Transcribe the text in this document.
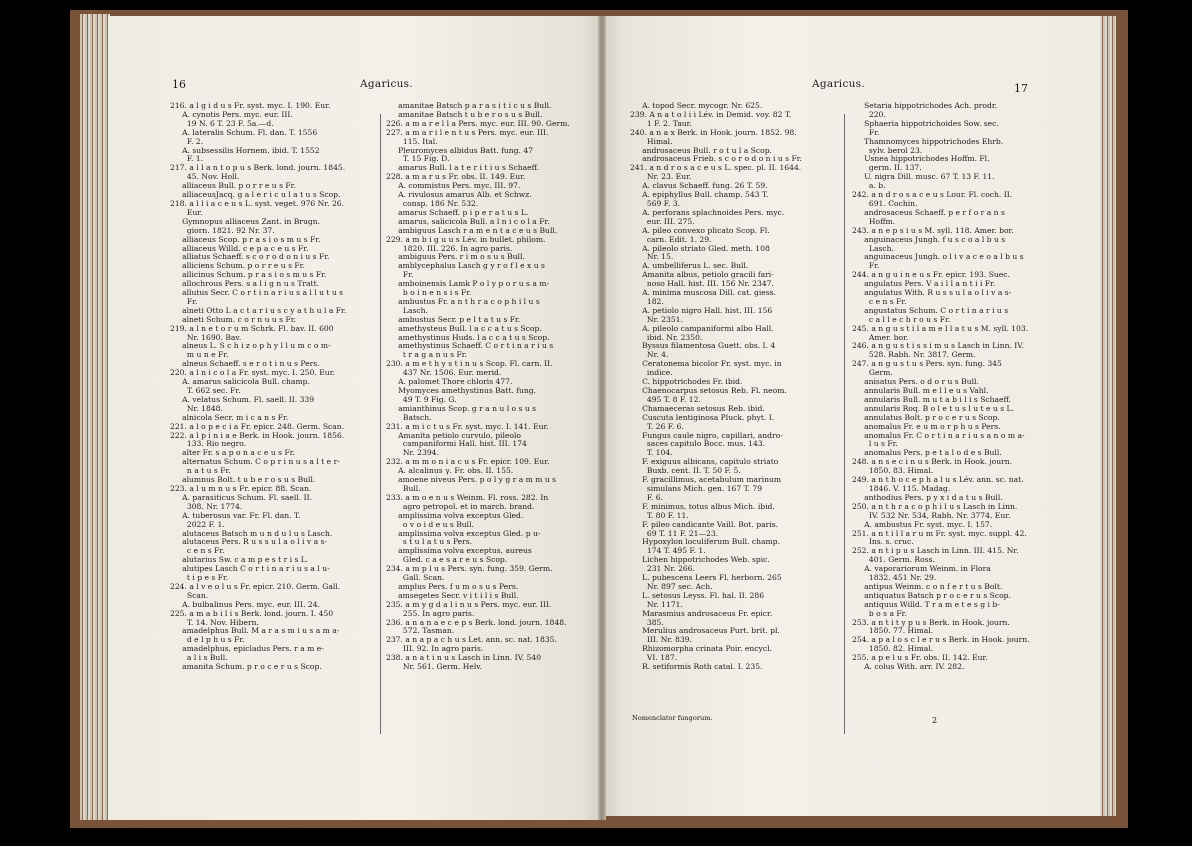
16	Agaricus.
216. a l g i d u s Fr. syst. myc. I. 190. Eur.
A. cynotis Pers. myc. eur. III.
19 N. 6 T. 23 F. 5a.—d.
A. lateralis Schum. Fl. dan. T. 1556
F. 2.
A. subsessilis Hornem. ibid. T. 1552
F. 1.
217. a l l a n t o p u s Berk. lond. journ. 1845.
45. Nov. Holl.
alliaceus Bull. p o r r e u s Fr.
alliaceusJacq. g a l e r i c u l a t u s Scop.
218. a l l i a c e u s L. syst. veget. 976 Nr. 26.
Eur.
Gymnopus alliaceus Zant. in Brugn.
giorn. 1821. 92 Nr. 37.
alliaceus Scop. p r a s i o s m u s Fr.
alliaceus Willd. c e p a c e u s Fr.
alliatus Schaeff. s c o r o d o n i u s Fr.
alliciens Schum. p o r r e u s Fr.
allicinus Schum. p r a s i o s m u s Fr.
allochrous Pers. s a l i g n u s Tratt.
allutus Secr. C o r t i n a r i u s a l l u t u s
Fr.
alneti Otto L a c t a r i u s c y a t h u l a Fr.
alneti Schum. c o r n u u s Fr.
219. a l n e t o r u m Schrk. Fl. bav. II. 600
Nr. 1690. Bav.
alneus L. S c h i z o p h y l l u m c o m-
m u n e Fr.
alneus Schaeff. s e r o t i n u s Pers.
220. a l n i c o l a Fr. syst. myc. I. 250. Eur.
A. amarus salicicola Bull. champ.
T. 662 sec. Fr.
A. velatus Schum. Fl. saell. II. 339
Nr. 1848.
alnicola Secr. m i c a n s Fr.
221. a l o p e c i a Fr. epicr. 248. Germ. Scan.
222. a l p i n i a e Berk. in Hook. journ. 1856.
133. Rio negro.
alter Fr. s a p o n a c e u s Fr.
alternatus Schum. C o p r i n u s a l t e r-
n a t u s Fr.
alumnus Bolt. t u b e r o s u s Bull.
223. a l u m n u s Fr. epicr. 88. Scan.
A. parasiticus Schum. Fl. saell. II.
308. Nr. 1774.
A. tuberosus var. Fr. Fl. dan. T.
2022 F. 1.
alutaceus Batsch m u n d u l u s Lasch.
alutaceus Pers. R u s s u l a o l i v a s-
c e n s Fr.
alutarius Sw. c a m p e s t r i s L.
alutipes Lasch C o r t i n a r i u s a l u-
t i p e s Fr.
224. a l v e o l u s Fr. epicr. 210. Germ. Gall.
Scan.
A. bulbalinus Pers. myc. eur. III. 24.
225. a m a b i l i s Berk. lond. journ. I. 450
T. 14. Nov. Hibern.
amadelphus Bull. M a r a s m i u s a m a-
d e l p h u s Fr.
amadelphus, epicladus Pers. r a m e-
a l i s Bull.
amanita Schum. p r o c e r u s Scop.
amanitae Batsch p a r a s i t i c u s Bull.
amanitae Batsch t u b e r o s u s Bull.
226. a m a r e l l a Pers. myc. eur. III. 90. Germ.
227. a m a r i l e n t u s Pers. myc. eur. III.
115. Ital.
Pleuromyces albidus Batt. fung. 47
T. 15 Fig. D.
amarus Bull. l a t e r i t i u s Schaeff.
228. a m a r u s Fr. obs. II. 149. Eur.
A. commistus Pers. myc. III. 97.
A. rivulosus amarus Alb. et Schwz.
consp. 186 Nr. 532.
amarus Schaeff. p i p e r a t u s L.
amarus, salicicola Bull. a l n i c o l a Fr.
ambiguus Lasch r a m e n t a c e u s Bull.
229. a m b i g u u s Lév. in bullet. philom.
1820. III. 226. In agro paris.
ambiguus Pers. r i m o s u s Bull.
amblycephalus Lasch g y r o f l e x u s
Fr.
amboinensis Lamk P o l y p o r u s a m-
b o i n e n s i s Fr.
ambustus Fr. a n t h r a c o p h i l u s
Lasch.
ambustus Secr. p e l t a t u s Fr.
amethysteus Bull. l a c c a t u s Scop.
amethystinus Huds. l a c c a t u s Scop.
amethystinus Schaeff. C o r t i n a r i u s
t r a g a n u s Fr.
230. a m e t h y s t i n u s Scop. Fl. carn. II.
437 Nr. 1506. Eur. merid.
A. palomet Thore chloris 477.
Myomyces amethystinus Batt. fung.
49 T. 9 Fig. G.
amianthinus Scop. g r a n u l o s u s
Batsch.
231. a m i c t u s Fr. syst. myc. I. 141. Eur.
Amanita petiolo curvulo, pileolo
campaniformi Hall. hist. III. 174
Nr. 2394.
232. a m m o n i a c u s Fr. epicr. 109. Eur.
A. alcalinus γ. Fr. obs. II. 155.
amoene niveus Pers. p o l y g r a m m u s
Bull.
233. a m o e n u s Weinm. Fl. ross. 282. In
agro petropol. et in march. brand.
amplissima volva exceptus Gled.
o v o i d e u s Bull.
amplissima volva exceptus Gled. p u-
s t u l a t u s Pers.
amplissima volva exceptus, aureus
Gled. c a e s a r e u s Scop.
234. a m p l u s Pers. syn. fung. 359. Germ.
Gall. Scan.
amplus Pers. f u m o s u s Pers.
amsegetes Secr. v i t i l i s Bull.
235. a m y g d a l i n u s Pers. myc. eur. III.
255. In agro paris.
236. a n a n a e c e p s Berk. lond. journ. 1848.
572. Tasman.
237. a n a p a c h u s Let. ann. sc. nat. 1835.
III. 92. In agro paris.
238. a n a t i n u s Lasch in Linn. IV. 540
Nr. 561. Germ. Helv.
Agaricus.	17
A. topod Secr. mycogr. Nr. 625.
239. A n a t o l i i Lév. in Demid. voy. 82 T.
1 F. 2. Taur.
240. a n a x Berk. in Hook. journ. 1852. 98.
Himal.
androsaceus Bull. r o t u l a Scop.
androsaceus Frieb. s c o r o d o n i u s Fr.
241. a n d r o s a c e u s L. spec. pl. II. 1644.
Nr. 23. Eur.
A. clavus Schaeff. fung. 26 T. 59.
A. epiphyllus Bull. champ. 543 T.
569 F. 3.
A. perforans splachnoides Pers. myc.
eur. III. 275.
A. pileo convexo plicato Scop. Fl.
carn. Edit. 1. 29.
A. pileolo striato Gled. meth. 108
Nr. 15.
A. umbelliferus L. sec. Bull.
Amanita albus, petiolo gracili fari-
noso Hall. hist. III. 156 Nr. 2347.
A. minima muscosa Dill. cat. giess.
182.
A. petiolo nigro Hall. hist. III. 156
Nr. 2351.
A. pileolo campaniformi albo Hall.
ibid. Nr. 2350.
Byssus filamentosa Guett. obs. I. 4
Nr. 4.
Ceratonema bicolor Fr. syst. myc. in
indice.
C. hippotrichodes Fr. ibid.
Chaenocarpus setosus Reb. Fl. neom.
495 T. 8 F. 12.
Chamaeceras setosus Reb. ibid.
Cuscuta lentiginosa Pluck. phyt. I.
T. 26 F. 6.
Fungus caule nigro, capillari, andro-
saces capitulo Bocc. mus. 143.
T. 104.
F. exiguus albicans, capitulo striato
Buxb. cent. II. T. 50 F. 5.
F. gracillimus, acetabulum marinum
simulans Mich. gen. 167 T. 79
F. 6.
F. minimus, totus albus Mich. ibid.
T. 80 F. 11.
F. pileo candicante Vaill. Bot. paris.
69 T. 11 F. 21—23.
Hypoxylon loculiferum Bull. champ.
174 T. 495 F. 1.
Lichen hippotrichodes Web. spic.
231 Nr. 266.
L. pubescens Leers Fl. herborn. 265
Nr. 897 sec. Ach.
L. setosus Leyss. Fl. hal. II. 286
Nr. 1171.
Marasmius androsaceus Fr. epicr.
385.
Merulius androsaceus Purt. brit. pl.
III. Nr. 839.
Rhizomorpha crinata Poir. encycl.
VI. 187.
R. setiformis Roth catal. I. 235.
Setaria hippotrichodes Ach. prodr.
220.
Sphaeria hippotrichoides Sow. sec.
Fr.
Thamnomyces hippotrichodes Ehrb.
sylv. berol 23.
Usnea hippotrichodes Hoffm. Fl.
germ. II. 137.
U. nigra Dill. musc. 67 T. 13 F. 11.
a. b.
242. a n d r o s a c e u s Lour. Fl. coch. II.
691. Cochin.
androsaceus Schaeff. p e r f o r a n s
Hoffm.
243. a n e p s i u s M. syll. 118. Amer. bor.
anguinaceus Jungh. f u s c o a l b u s
Lasch.
anguinaceus Jungh. o l i v a c e o a l b u s
Fr.
244. a n g u i n e u s Fr. epicr. 193. Suec.
angulatus Pers. V a i l l a n t i i Fr.
angulatus With. R u s s u l a o l i v a s-
c e n s Fr.
angustatus Schum. C o r t i n a r i u s
c a l l e c h r o u s Fr.
245. a n g u s t i l a m e l l a t u s M. syll. 103.
Amer. bor.
246. a n g u s t i s s i m u s Lasch in Linn. IV.
528. Rabh. Nr. 3817. Germ.
247. a n g u s t u s Pers. syn. fung. 345
Germ.
anisatus Pers. o d o r u s Bull.
annularis Bull. m e l l e u s Vahl.
annularis Bull. m u t a b i l i s Schaeff.
annularis Roq. B o l e t u s l u t e u s L.
annulatus Bolt. p r o c e r u s Scop.
anomalus Fr. e u m o r p h u s Pers.
anomalus Fr. C o r t i n a r i u s a n o m a-
l u s Fr.
anomalus Pers. p e t a l o d e s Bull.
248. a n s e c i n u s Berk. in Hook. journ.
1850. 83. Himal.
249. a n t h o c e p h a l u s Lév. ann. sc. nat.
1846. V. 115. Madag.
anthodius Pers. p y x i d a t u s Bull.
250. a n t h r a c o p h i l u s Lasch in Linn.
IV. 532 Nr. 534, Rabh. Nr. 3774. Eur.
A. ambustus Fr. syst. myc. I. 157.
251. a n t i l l a r u m Fr. syst. myc. suppl. 42.
Ins. s. cruc.
252. a n t i p u s Lasch in Linn. III. 415. Nr.
401. Germ. Ross.
A. vaporariorum Weinm. in Flora
1832. 451 Nr. 29.
antipus Weinm. c o n f e r t u s Bolt.
antiquatus Batsch p r o c e r u s Scop.
antiquus Willd. T r a m e t e s g i b-
b o s a Fr.
253. a n t i t y p u s Berk. in Hook. journ.
1850. 77. Himal.
254. a p a l o s c l e r u s Berk. in Hook. journ.
1850. 82. Himal.
255. a p e l u s Fr. obs. II. 142. Eur.
A. colus With. arr. IV. 282.
Nomenclator fungorum.	2
